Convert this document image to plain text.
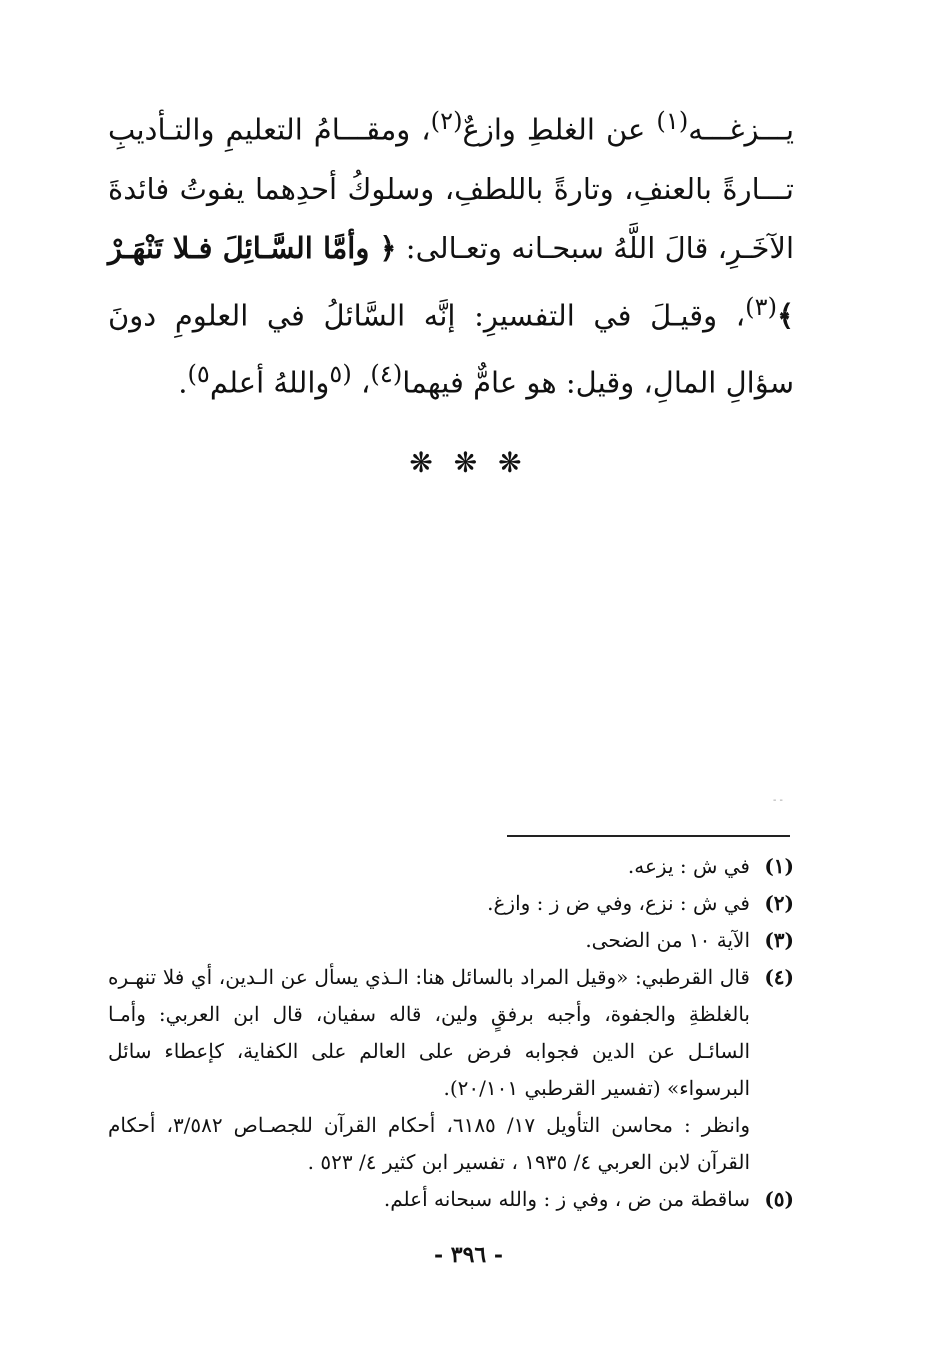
يـــزغـــه$^{(١)}$ عن الغلطِ وازعٌ$^{(٢)}$، ومقـــامُ التعليمِ والتـأديبِ تـــارةً بالعنفِ، وتارةً باللطفِ، وسلوكُ أحدِهما يفوتُ فائدةَ الآخَـرِ، قالَ اللَّهُ سبحـانه وتعـالى: ﴿ وأمَّا السَّـائِلَ فـلا تَنْهَـرْ ﴾$^{(٣)}$، وقيـلَ في التفسيرِ: إنَّه السَّائلُ في العلومِ دونَ سؤالِ المالِ، وقيل: هو عامٌّ فيهما$^{(٤)}$، $^{(٥}$واللهُ أعلم$^{٥)}$.

❋ ❋ ❋
- -
(١)
في ش : يزعه.
(٢)
في ش : نزع، وفي ض ز : وازغ.
(٣)
الآية ١٠ من الضحى.
(٤)
قال القرطبي: «وقيل المراد بالسائل هنا: الـذي يسأل عن الـدين، أي فلا تنهـره بالغلظةِ والجفوة، وأجبه برفقٍ ولين، قاله سفيان، قال ابن العربي: وأمـا السائـل عن الدين فجوابه فرض على العالم على الكفاية، كإعطاء سائل البرسواء» (تفسير القرطبي ٢٠/١٠١).
وانظر : محاسن التأويل ١٧/ ٦١٨٥، أحكام القرآن للجصـاص ٣/٥٨٢، أحكام القرآن لابن العربي ٤/ ١٩٣٥ ، تفسير ابن كثير ٤/ ٥٢٣ .
(٥)
ساقطة من ض ، وفي ز : والله سبحانه أعلم.
- ٣٩٦ -
